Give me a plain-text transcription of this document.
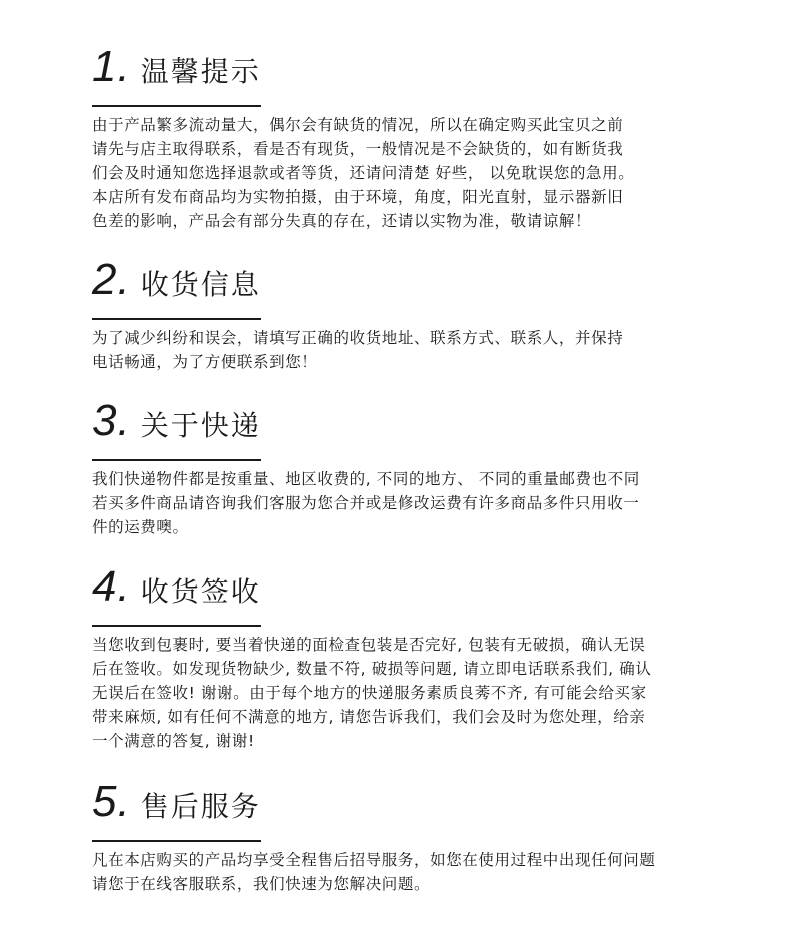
1. 温馨提示
由于产品繁多流动量大，偶尔会有缺货的情况，所以在确定购买此宝贝之前
请先与店主取得联系，看是否有现货，一般情况是不会缺货的，如有断货我
们会及时通知您选择退款或者等货，还请问清楚 好些， 以免耽误您的急用。
本店所有发布商品均为实物拍摄，由于环境，角度，阳光直射，显示器新旧
色差的影响，产品会有部分失真的存在，还请以实物为准，敬请谅解！
2. 收货信息
为了减少纠纷和误会，请填写正确的收货地址、联系方式、联系人，并保持
电话畅通，为了方便联系到您！
3. 关于快递
我们快递物件都是按重量、地区收费的, 不同的地方、 不同的重量邮费也不同
若买多件商品请咨询我们客服为您合并或是修改运费有许多商品多件只用收一
件的运费噢。
4. 收货签收
当您收到包裹时, 要当着快递的面检查包装是否完好, 包装有无破损，确认无误
后在签收。如发现货物缺少, 数量不符, 破损等问题, 请立即电话联系我们, 确认
无误后在签收! 谢谢。由于每个地方的快递服务素质良莠不齐, 有可能会给买家
带来麻烦, 如有任何不满意的地方, 请您告诉我们，我们会及时为您处理，给亲
一个满意的答复, 谢谢!
5. 售后服务
凡在本店购买的产品均享受全程售后招导服务，如您在使用过程中出现任何问题
请您于在线客服联系，我们快速为您解决问题。
